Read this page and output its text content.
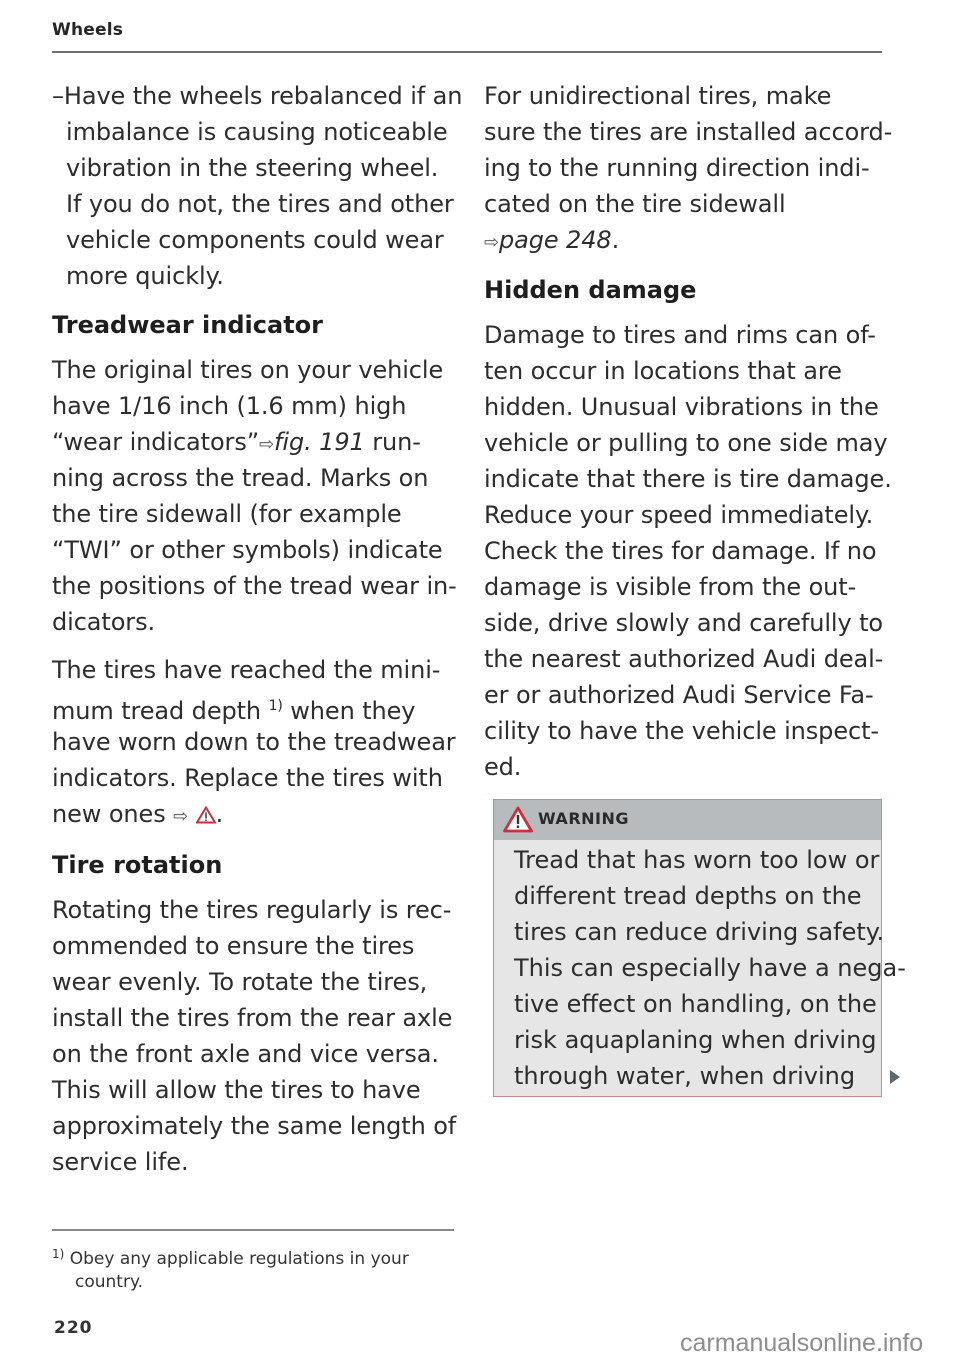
Wheels
–Have the wheels rebalanced if an
imbalance is causing noticeable
vibration in the steering wheel.
If you do not, the tires and other
vehicle components could wear
more quickly.
Treadwear indicator
The original tires on your vehicle
have 1/16 inch (1.6 mm) high
“wear indicators”⇨fig. 191 run-
ning across the tread. Marks on
the tire sidewall (for example
“TWI” or other symbols) indicate
the positions of the tread wear in-
dicators.
The tires have reached the mini-
mum tread depth $^{1)}$ when they
have worn down to the treadwear
indicators. Replace the tires with
new ones ⇨ .
Tire rotation
Rotating the tires regularly is rec-
ommended to ensure the tires
wear evenly. To rotate the tires,
install the tires from the rear axle
on the front axle and vice versa.
This will allow the tires to have
approximately the same length of
service life.
$^{1)}$ Obey any applicable regulations in your
country.
220
For unidirectional tires, make
sure the tires are installed accord-
ing to the running direction indi-
cated on the tire sidewall
⇨page 248.
Hidden damage
Damage to tires and rims can of-
ten occur in locations that are
hidden. Unusual vibrations in the
vehicle or pulling to one side may
indicate that there is tire damage.
Reduce your speed immediately.
Check the tires for damage. If no
damage is visible from the out-
side, drive slowly and carefully to
the nearest authorized Audi deal-
er or authorized Audi Service Fa-
cility to have the vehicle inspect-
ed.
WARNING
Tread that has worn too low or
different tread depths on the
tires can reduce driving safety.
This can especially have a nega-
tive effect on handling, on the
risk aquaplaning when driving
through water, when driving
carmanualsonline.info
